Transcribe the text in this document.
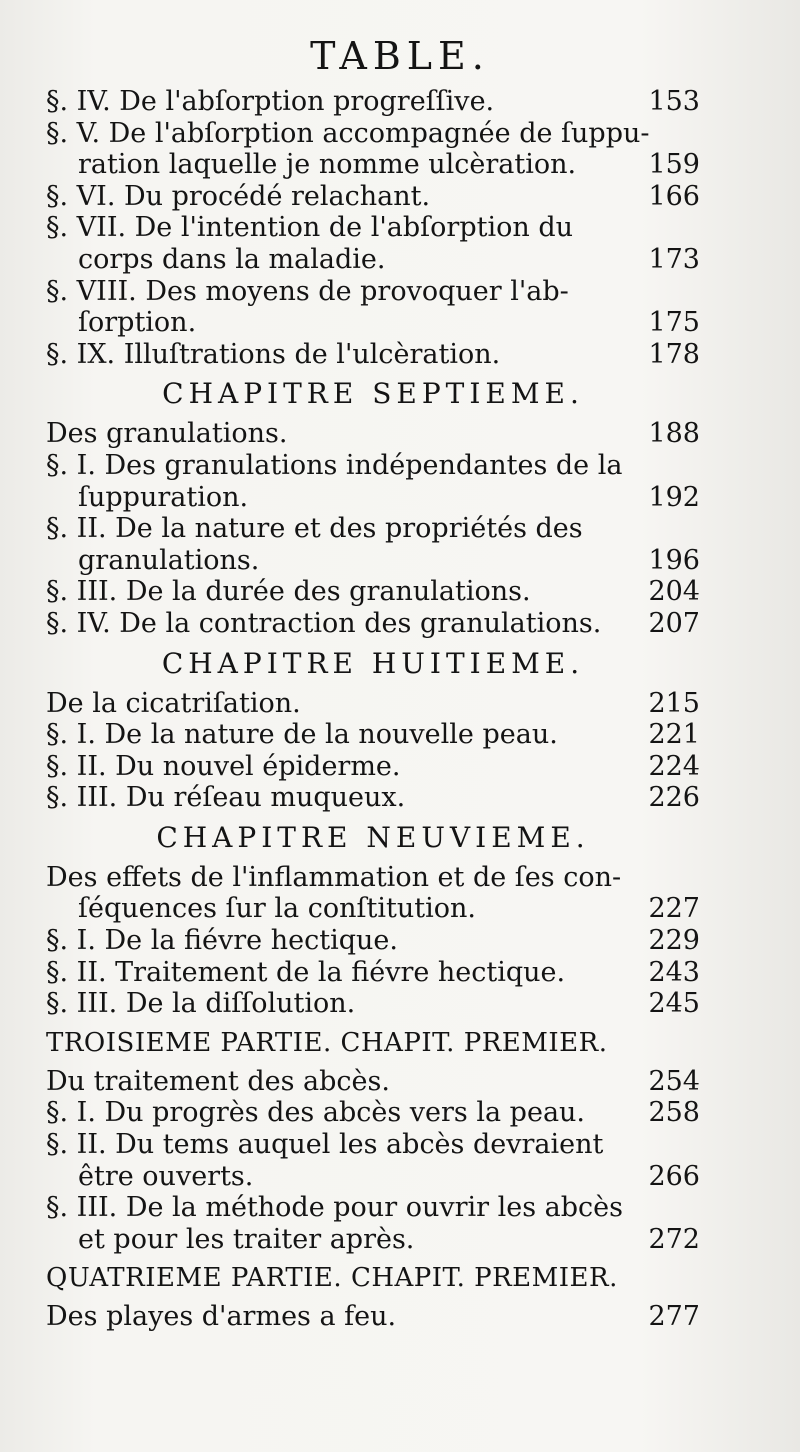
TABLE.
§. IV. De l'abſorption progreſſive.	153
§. V. De l'abſorption accompagnée de ſuppu-
ration laquelle je nomme ulcèration.	159
§. VI. Du procédé relachant.	166
§. VII. De l'intention de l'abſorption du
corps dans la maladie.	173
§. VIII. Des moyens de provoquer l'ab-
ſorption.	175
§. IX. Illuſtrations de l'ulcèration.	178
CHAPITRE SEPTIEME.
Des granulations.	188
§. I. Des granulations indépendantes de la
ſuppuration.	192
§. II. De la nature et des propriétés des
granulations.	196
§. III. De la durée des granulations.	204
§. IV. De la contraction des granulations. 207
CHAPITRE HUITIEME.
De la cicatriſation.	215
§. I. De la nature de la nouvelle peau.	221
§. II. Du nouvel épiderme.	224
§. III. Du réſeau muqueux.	226
CHAPITRE NEUVIEME.
Des effets de l'inflammation et de ſes con-
ſéquences ſur la conſtitution.	227
§. I. De la fiévre hectique.	229
§. II. Traitement de la fiévre hectique.	243
§. III. De la diſſolution.	245
TROISIEME PARTIE. CHAPIT. PREMIER.
Du traitement des abcès.	254
§. I. Du progrès des abcès vers la peau. 258
§. II. Du tems auquel les abcès devraient
être ouverts.	266
§. III. De la méthode pour ouvrir les abcès
et pour les traiter après.	272
QUATRIEME PARTIE. CHAPIT. PREMIER.
Des playes d'armes a feu.	277
